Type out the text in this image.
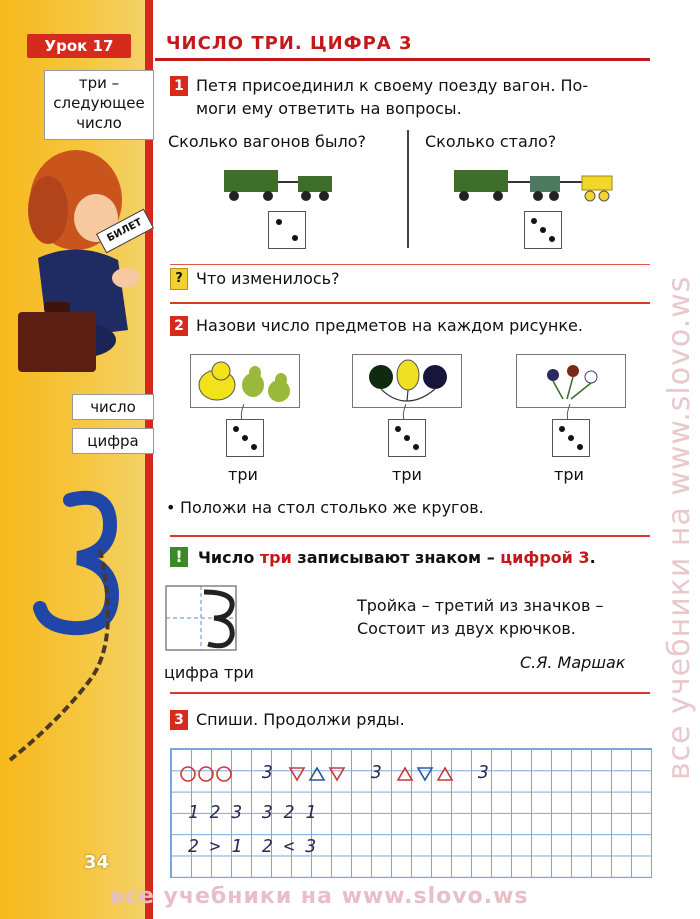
Урок 17
три –
следующее
число
БИЛЕТ
число
цифра
34
ЧИСЛО ТРИ. ЦИФРА 3
1 Петя присоединил к своему поезду вагон. По-
моги ему ответить на вопросы.
Сколько вагонов было?	Сколько стало?
? Что изменилось?
2 Назови число предметов на каждом рисунке.
три	три	три
• Положи на стол столько же кругов.
! Число три записывают знаком – цифрой 3.
цифра три
Тройка – третий из значков –
Состоит из двух крючков.
С.Я. Маршак
3 Спиши. Продолжи ряды.
3	3	3
1 2 3 3 2 1
2 > 1 2 < 3
все учебники на www.slovo.ws
все учебники на www.slovo.ws
